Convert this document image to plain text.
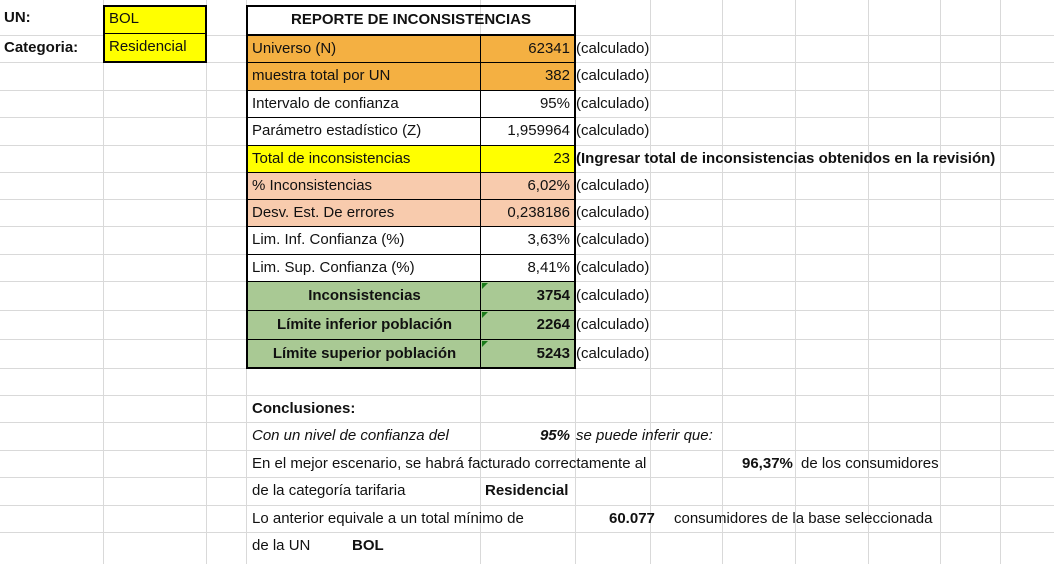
UN:	BOL
Categoria:	Residencial
REPORTE DE INCONSISTENCIAS
Universo (N)	62341 (calculado)
muestra total por UN	382 (calculado)
Intervalo de confianza	95% (calculado)
Parámetro estadístico (Z)	1,959964 (calculado)
Total de inconsistencias	23 (Ingresar total de inconsistencias obtenidos en la revisión)
% Inconsistencias	6,02% (calculado)
Desv. Est. De errores	0,238186 (calculado)
Lim. Inf. Confianza (%)	3,63% (calculado)
Lim. Sup. Confianza (%)	8,41% (calculado)
Inconsistencias	3754 (calculado)
Límite inferior población	2264 (calculado)
Límite superior población	5243 (calculado)
Conclusiones:
Con un nivel de confianza del	95% se puede inferir que:
En el mejor escenario, se habrá facturado correctamente al	96,37% de los consumidores
de la categoría tarifaria	Residencial
Lo anterior equivale a un total mínimo de	60.077 consumidores de la base seleccionada
de la UN	BOL
